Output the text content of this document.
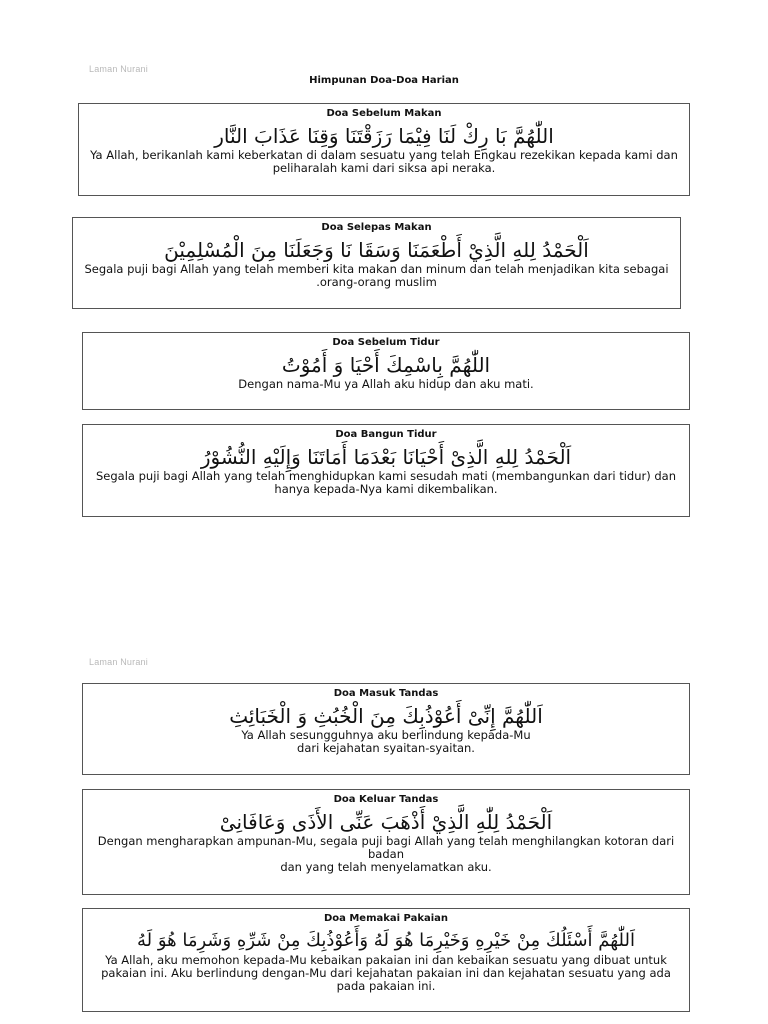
Laman Nurani
Himpunan Doa-Doa Harian
Doa Sebelum Makan
اللّٰهُمَّ بَا رِكْ لَنَا فِيْمَا رَزَقْتَنَا وَقِنَا عَذَابَ النَّار
Ya Allah, berikanlah kami keberkatan di dalam sesuatu yang telah Engkau rezekikan kepada kami dan
peliharalah kami dari siksa api neraka.
Doa Selepas Makan
اَلْحَمْدُ لِلهِ الَّذِيْ أَطْعَمَنَا وَسَقَا نَا وَجَعَلَنَا مِنَ الْمُسْلِمِيْنَ
Segala puji bagi Allah yang telah memberi kita makan dan minum dan telah menjadikan kita sebagai
.orang-orang muslim
Doa Sebelum Tidur
اللّٰهُمَّ بِاسْمِكَ أَحْيَا وَ أَمُوْتُ
Dengan nama-Mu ya Allah aku hidup dan aku mati.
Doa Bangun Tidur
اَلْحَمْدُ لِلهِ الَّذِىْ أَحْيَانَا بَعْدَمَا أَمَاتَنَا وَإِلَيْهِ النُّشُوْرُ
Segala puji bagi Allah yang telah menghidupkan kami sesudah mati (membangunkan dari tidur) dan
hanya kepada-Nya kami dikembalikan.
Laman Nurani
Doa Masuk Tandas
اَللّٰهُمَّ إِنِّىْ أَعُوْذُبِكَ مِنَ الْخُبُثِ وَ الْخَبَائِثِ
Ya Allah sesungguhnya aku berlindung kepada-Mu
dari kejahatan syaitan-syaitan.
Doa Keluar Tandas
اَلْحَمْدُ لِلّٰهِ الَّذِيْ أَذْهَبَ عَنِّى الأَذَى وَعَافَانِىْ
Dengan mengharapkan ampunan-Mu, segala puji bagi Allah yang telah menghilangkan kotoran dari
badan
dan yang telah menyelamatkan aku.
Doa Memakai Pakaian
اَللّٰهُمَّ أَسْئَلُكَ مِنْ خَيْرِهِ وَخَيْرِمَا هُوَ لَهُ وَأَعُوْذُبِكَ مِنْ شَرِّهِ وَشَرِمَا هُوَ لَهُ
Ya Allah, aku memohon kepada-Mu kebaikan pakaian ini dan kebaikan sesuatu yang dibuat untuk
pakaian ini. Aku berlindung dengan-Mu dari kejahatan pakaian ini dan kejahatan sesuatu yang ada
pada pakaian ini.
